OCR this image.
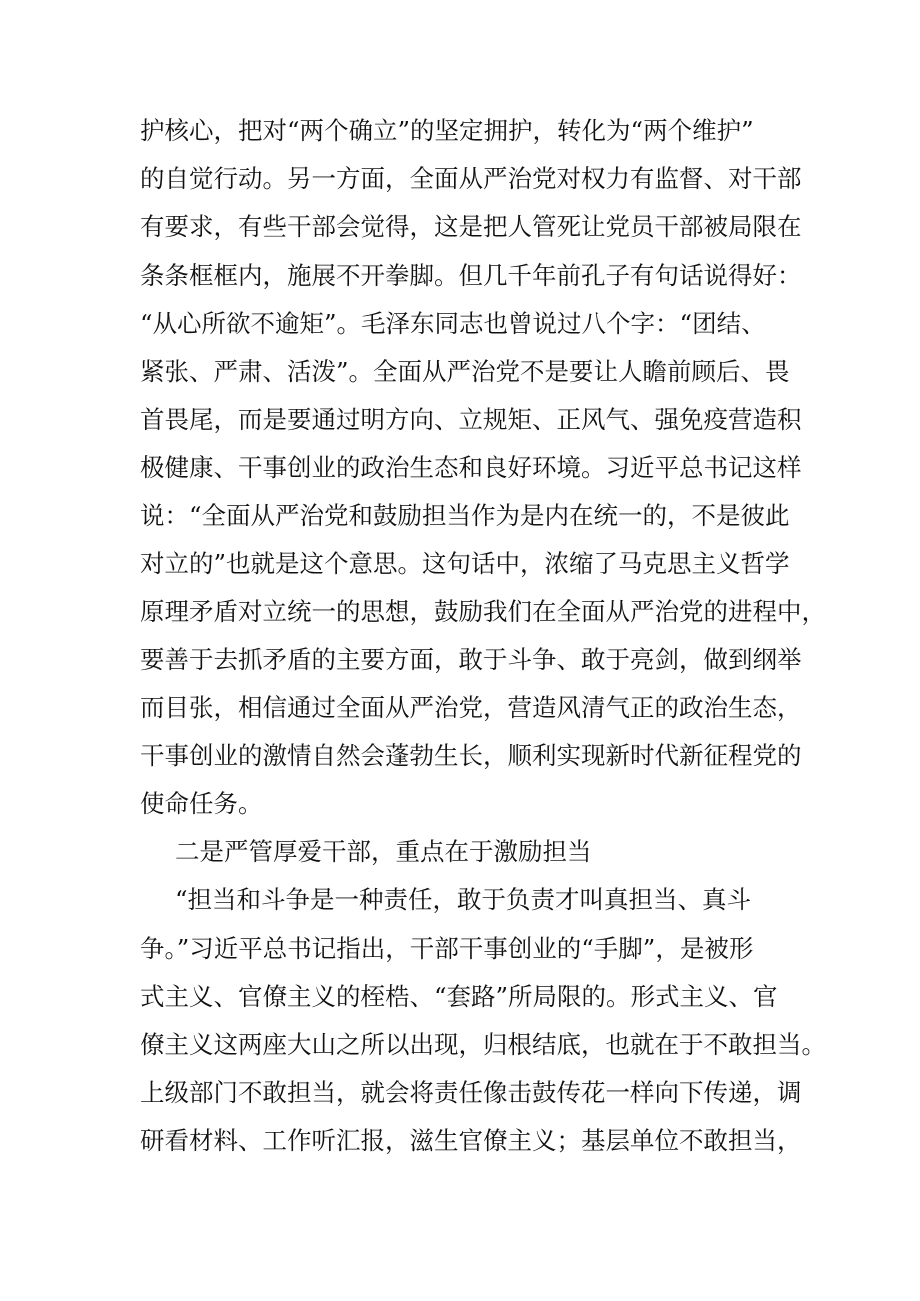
护核心，把对“两个确立”的坚定拥护，转化为“两个维护”
的自觉行动。另一方面，全面从严治党对权力有监督、对干部
有要求，有些干部会觉得，这是把人管死让党员干部被局限在
条条框框内，施展不开拳脚。但几千年前孔子有句话说得好：
“从心所欲不逾矩”。毛泽东同志也曾说过八个字：“团结、
紧张、严肃、活泼”。全面从严治党不是要让人瞻前顾后、畏
首畏尾，而是要通过明方向、立规矩、正风气、强免疫营造积
极健康、干事创业的政治生态和良好环境。习近平总书记这样
说：“全面从严治党和鼓励担当作为是内在统一的，不是彼此
对立的”也就是这个意思。这句话中，浓缩了马克思主义哲学
原理矛盾对立统一的思想，鼓励我们在全面从严治党的进程中，
要善于去抓矛盾的主要方面，敢于斗争、敢于亮剑，做到纲举
而目张，相信通过全面从严治党，营造风清气正的政治生态，
干事创业的激情自然会蓬勃生长，顺利实现新时代新征程党的
使命任务。
二是严管厚爱干部，重点在于激励担当
“担当和斗争是一种责任，敢于负责才叫真担当、真斗
争。”习近平总书记指出，干部干事创业的“手脚”，是被形
式主义、官僚主义的桎梏、“套路”所局限的。形式主义、官
僚主义这两座大山之所以出现，归根结底，也就在于不敢担当。
上级部门不敢担当，就会将责任像击鼓传花一样向下传递，调
研看材料、工作听汇报，滋生官僚主义；基层单位不敢担当，
